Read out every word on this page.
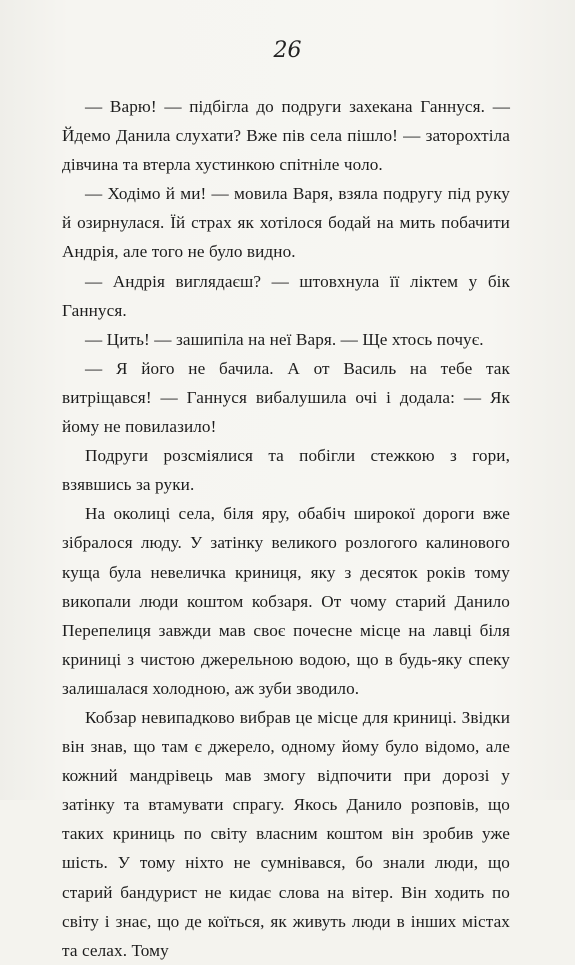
26

— Варю! — підбігла до подруги захекана Ганнуся. — Йдемо Данила слухати? Вже пів села пішло! — заторохтіла дівчина та втерла хустинкою спітніле чоло.

— Ходімо й ми! — мовила Варя, взяла подругу під руку й озирнулася. Їй страх як хотілося бодай на мить побачити Андрія, але того не було видно.

— Андрія виглядаєш? — штовхнула її ліктем у бік Ганнуся.

— Цить! — зашипіла на неї Варя. — Ще хтось почує.

— Я його не бачила. А от Василь на тебе так витріщався! — Ганнуся вибалушила очі і додала: — Як йому не повилазило!

Подруги розсміялися та побігли стежкою з гори, взявшись за руки.

На околиці села, біля яру, обабіч широкої дороги вже зібралося люду. У затінку великого розлогого калинового куща була невеличка криниця, яку з десяток років тому викопали люди коштом кобзаря. От чому старий Данило Перепелиця завжди мав своє почесне місце на лавці біля криниці з чистою джерельною водою, що в будь-яку спеку залишалася холодною, аж зуби зводило.

Кобзар невипадково вибрав це місце для криниці. Звідки він знав, що там є джерело, одному йому було відомо, але кожний мандрівець мав змогу відпочити при дорозі у затінку та втамувати спрагу. Якось Данило розповів, що таких криниць по світу власним коштом він зробив уже шість. У тому ніхто не сумнівався, бо знали люди, що старий бандурист не кидає слова на вітер. Він ходить по світу і знає, що де коїться, як живуть люди в інших містах та селах. Тому
